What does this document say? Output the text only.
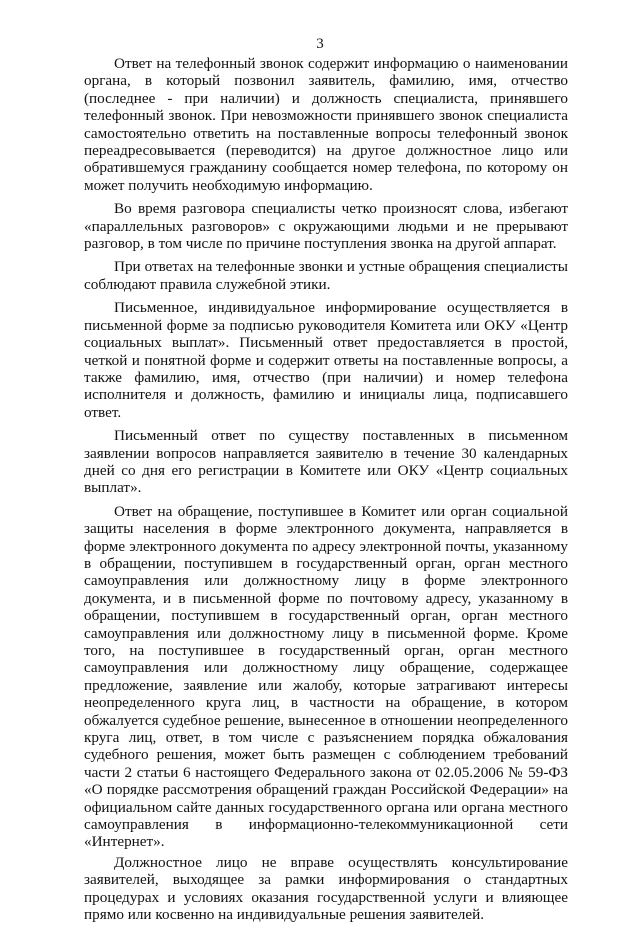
3

Ответ на телефонный звонок содержит информацию о наименовании органа, в который позвонил заявитель, фамилию, имя, отчество (последнее - при наличии) и должность специалиста, принявшего телефонный звонок. При невозможности принявшего звонок специалиста самостоятельно ответить на поставленные вопросы телефонный звонок переадресовывается (переводится) на другое должностное лицо или обратившемуся гражданину сообщается номер телефона, по которому он может получить необходимую информацию.

Во время разговора специалисты четко произносят слова, избегают «параллельных разговоров» с окружающими людьми и не прерывают разговор, в том числе по причине поступления звонка на другой аппарат.

При ответах на телефонные звонки и устные обращения специалисты соблюдают правила служебной этики.

Письменное, индивидуальное информирование осуществляется в письменной форме за подписью руководителя Комитета или ОКУ «Центр социальных выплат». Письменный ответ предоставляется в простой, четкой и понятной форме и содержит ответы на поставленные вопросы, а также фамилию, имя, отчество (при наличии) и номер телефона исполнителя и должность, фамилию и инициалы лица, подписавшего ответ.

Письменный ответ по существу поставленных в письменном заявлении вопросов направляется заявителю в течение 30 календарных дней со дня его регистрации в Комитете или ОКУ «Центр социальных выплат».

Ответ на обращение, поступившее в Комитет или орган социальной защиты населения в форме электронного документа, направляется в форме электронного документа по адресу электронной почты, указанному в обращении, поступившем в государственный орган, орган местного самоуправления или должностному лицу в форме электронного документа, и в письменной форме по почтовому адресу, указанному в обращении, поступившем в государственный орган, орган местного самоуправления или должностному лицу в письменной форме. Кроме того, на поступившее в государственный орган, орган местного самоуправления или должностному лицу обращение, содержащее предложение, заявление или жалобу, которые затрагивают интересы неопределенного круга лиц, в частности на обращение, в котором обжалуется судебное решение, вынесенное в отношении неопределенного круга лиц, ответ, в том числе с разъяснением порядка обжалования судебного решения, может быть размещен с соблюдением требований части 2 статьи 6 настоящего Федерального закона от 02.05.2006 № 59-ФЗ «О порядке рассмотрения обращений граждан Российской Федерации» на официальном сайте данных государственного органа или органа местного самоуправления в информационно-телекоммуникационной сети «Интернет».

Должностное лицо не вправе осуществлять консультирование заявителей, выходящее за рамки информирования о стандартных процедурах и условиях оказания государственной услуги и влияющее прямо или косвенно на индивидуальные решения заявителей.
